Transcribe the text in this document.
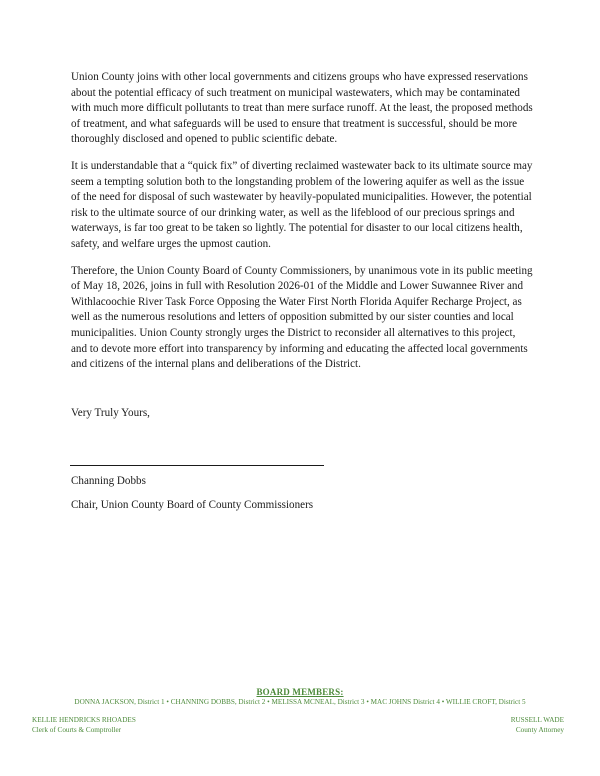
Union County joins with other local governments and citizens groups who have expressed reservations about the potential efficacy of such treatment on municipal wastewaters, which may be contaminated with much more difficult pollutants to treat than mere surface runoff. At the least, the proposed methods of treatment, and what safeguards will be used to ensure that treatment is successful, should be more thoroughly disclosed and opened to public scientific debate.

It is understandable that a “quick fix” of diverting reclaimed wastewater back to its ultimate source may seem a tempting solution both to the longstanding problem of the lowering aquifer as well as the issue of the need for disposal of such wastewater by heavily-populated municipalities. However, the potential risk to the ultimate source of our drinking water, as well as the lifeblood of our precious springs and waterways, is far too great to be taken so lightly. The potential for disaster to our local citizens health, safety, and welfare urges the upmost caution.

Therefore, the Union County Board of County Commissioners, by unanimous vote in its public meeting of May 18, 2026, joins in full with Resolution 2026-01 of the Middle and Lower Suwannee River and Withlacoochie River Task Force Opposing the Water First North Florida Aquifer Recharge Project, as well as the numerous resolutions and letters of opposition submitted by our sister counties and local municipalities. Union County strongly urges the District to reconsider all alternatives to this project, and to devote more effort into transparency by informing and educating the affected local governments and citizens of the internal plans and deliberations of the District.

Very Truly Yours,
Channing Dobbs
Chair, Union County Board of County Commissioners
BOARD MEMBERS:
DONNA JACKSON, District 1 • CHANNING DOBBS, District 2 • MELISSA MCNEAL, District 3 • MAC JOHNS District 4 • WILLIE CROFT, District 5
KELLIE HENDRICKS RHOADES
Clerk of Courts & Comptroller
RUSSELL WADE
County Attorney
